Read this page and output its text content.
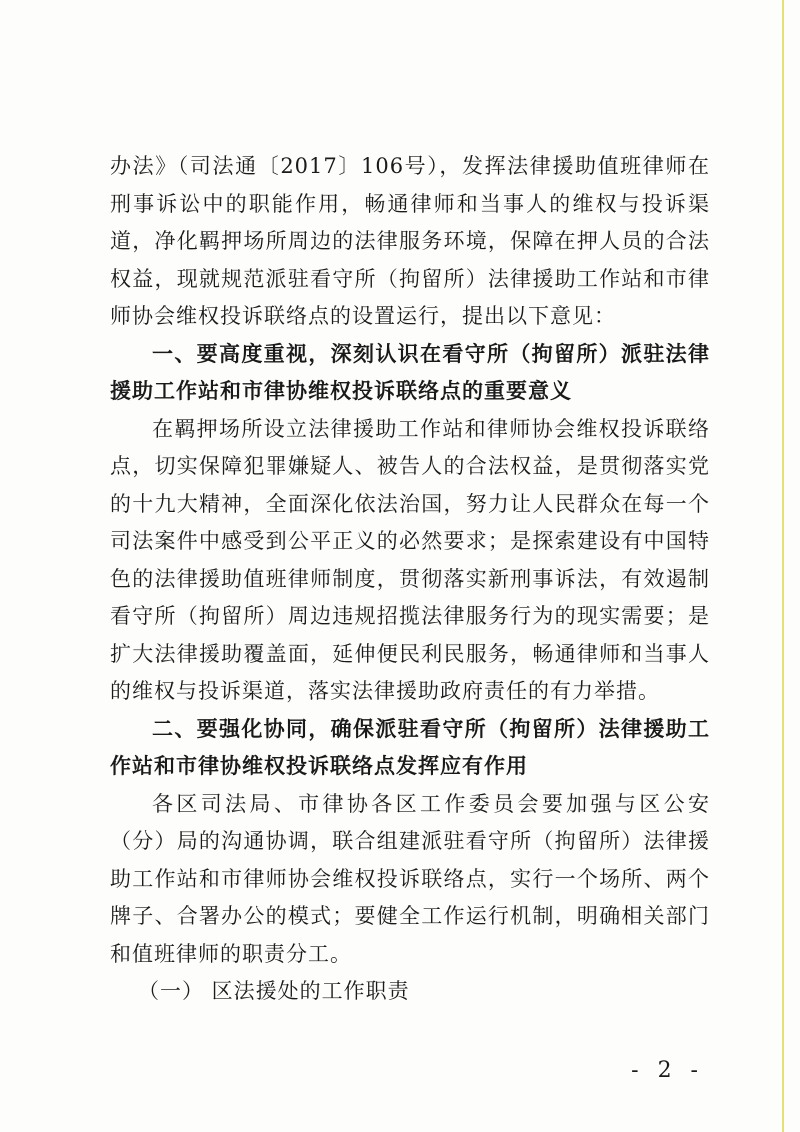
办法》（司法通〔2017〕106号），发挥法律援助值班律师在刑事诉讼中的职能作用，畅通律师和当事人的维权与投诉渠道，净化羁押场所周边的法律服务环境，保障在押人员的合法权益，现就规范派驻看守所（拘留所）法律援助工作站和市律师协会维权投诉联络点的设置运行，提出以下意见：

一、要高度重视，深刻认识在看守所（拘留所）派驻法律援助工作站和市律协维权投诉联络点的重要意义

在羁押场所设立法律援助工作站和律师协会维权投诉联络点，切实保障犯罪嫌疑人、被告人的合法权益，是贯彻落实党的十九大精神，全面深化依法治国，努力让人民群众在每一个司法案件中感受到公平正义的必然要求；是探索建设有中国特色的法律援助值班律师制度，贯彻落实新刑事诉法，有效遏制看守所（拘留所）周边违规招揽法律服务行为的现实需要；是扩大法律援助覆盖面，延伸便民利民服务，畅通律师和当事人的维权与投诉渠道，落实法律援助政府责任的有力举措。

二、要强化协同，确保派驻看守所（拘留所）法律援助工作站和市律协维权投诉联络点发挥应有作用

各区司法局、市律协各区工作委员会要加强与区公安（分）局的沟通协调，联合组建派驻看守所（拘留所）法律援助工作站和市律师协会维权投诉联络点，实行一个场所、两个牌子、合署办公的模式；要健全工作运行机制，明确相关部门和值班律师的职责分工。

（一） 区法援处的工作职责

- 2 -
